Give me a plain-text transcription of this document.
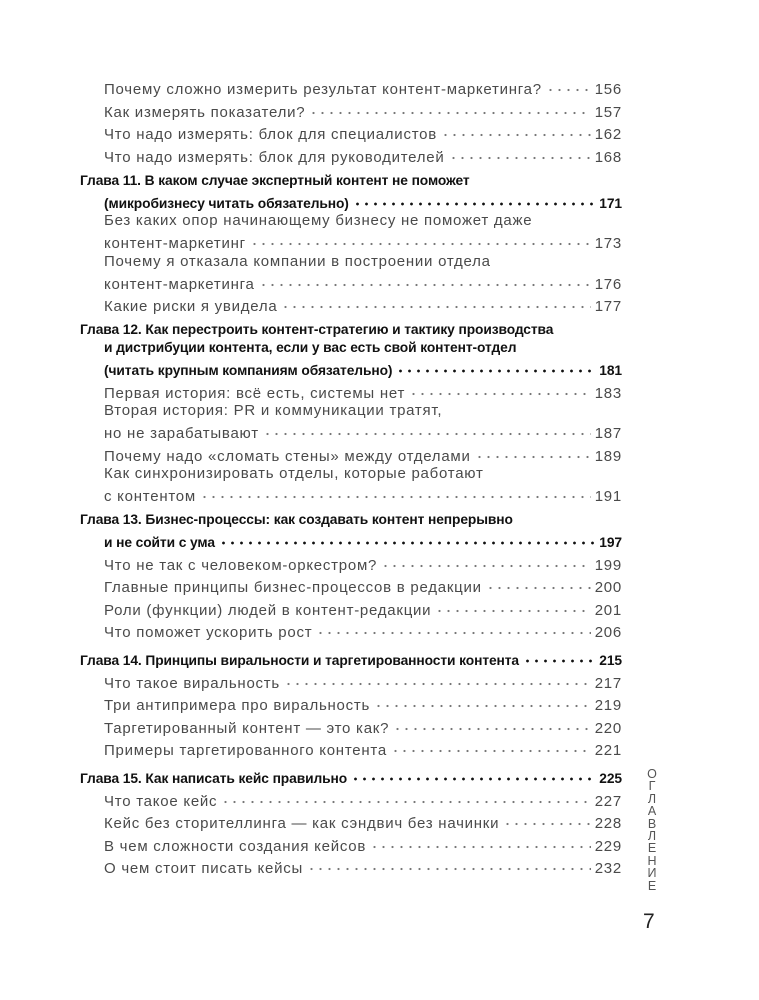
Почему сложно измерить результат контент-маркетинга?	156
Как измерять показатели?	157
Что надо измерять: блок для специалистов	162
Что надо измерять: блок для руководителей	168
Глава 11. В каком случае экспертный контент не поможет
(микробизнесу читать обязательно)	171
Без каких опор начинающему бизнесу не поможет даже
контент-маркетинг	173
Почему я отказала компании в построении отдела
контент-маркетинга	176
Какие риски я увидела	177
Глава 12. Как перестроить контент-стратегию и тактику производства
и дистрибуции контента, если у вас есть свой контент-отдел
(читать крупным компаниям обязательно)	181
Первая история: всё есть, системы нет	183
Вторая история: PR и коммуникации тратят,
но не зарабатывают	187
Почему надо «сломать стены» между отделами	189
Как синхронизировать отделы, которые работают
с контентом	191
Глава 13. Бизнес-процессы: как создавать контент непрерывно
и не сойти с ума	197
Что не так с человеком-оркестром?	199
Главные принципы бизнес-процессов в редакции	200
Роли (функции) людей в контент-редакции	201
Что поможет ускорить рост	206
Глава 14. Принципы виральности и таргетированности контента	215
Что такое виральность	217
Три антипримера про виральность	219
Таргетированный контент — это как?	220
Примеры таргетированного контента	221
Глава 15. Как написать кейс правильно	225
Что такое кейс	227
Кейс без сторителлинга — как сэндвич без начинки	228
В чем сложности создания кейсов	229
О чем стоит писать кейсы	232
О
Г
Л
А
В
Л
Е
Н
И
Е
7
